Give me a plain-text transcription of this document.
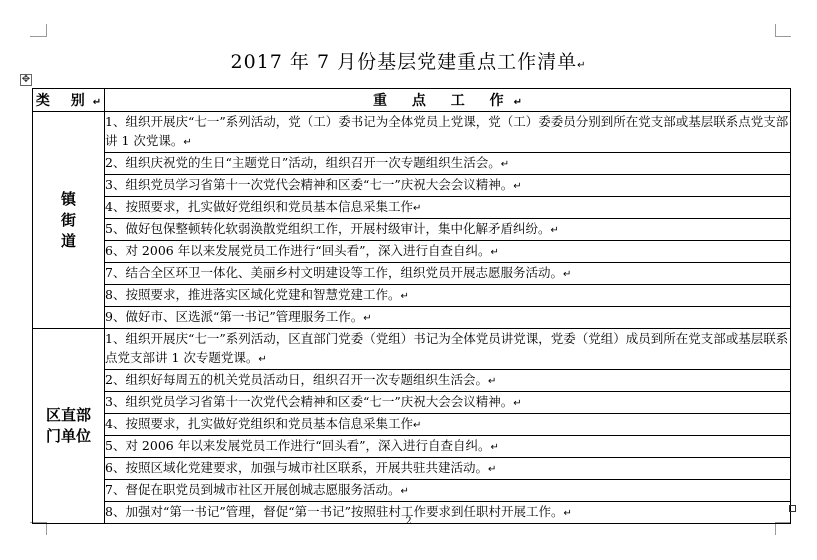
2017 年 7 月份基层党建重点工作清单↵
✥
类 别↵	重 点 工 作↵
镇街道	1、组织开展庆“七一”系列活动，党（工）委书记为全体党员上党课，党（工）委委员分别到所在党支部或基层联系点党支部讲 1 次党课。↵
	2、组织庆祝党的生日“主题党日”活动，组织召开一次专题组织生活会。↵
	3、组织党员学习省第十一次党代会精神和区委“七一”庆祝大会会议精神。↵
	4、按照要求，扎实做好党组织和党员基本信息采集工作↵
	5、做好包保整顿转化软弱涣散党组织工作，开展村级审计，集中化解矛盾纠纷。↵
	6、对 2006 年以来发展党员工作进行“回头看”，深入进行自查自纠。↵
	7、结合全区环卫一体化、美丽乡村文明建设等工作，组织党员开展志愿服务活动。↵
	8、按照要求，推进落实区域化党建和智慧党建工作。↵
	9、做好市、区选派“第一书记”管理服务工作。↵
区直部门单位	1、组织开展庆“七一”系列活动，区直部门党委（党组）书记为全体党员讲党课，党委（党组）成员到所在党支部或基层联系点党支部讲 1 次专题党课。↵
	2、组织好每周五的机关党员活动日，组织召开一次专题组织生活会。↵
	3、组织党员学习省第十一次党代会精神和区委“七一”庆祝大会会议精神。↵
	4、按照要求，扎实做好党组织和党员基本信息采集工作↵
	5、对 2006 年以来发展党员工作进行“回头看”，深入进行自查自纠。↵
	6、按照区域化党建要求，加强与城市社区联系，开展共驻共建活动。↵
	7、督促在职党员到城市社区开展创城志愿服务活动。↵
	8、加强对“第一书记”管理，督促“第一书记”按照驻村工作要求到任职村开展工作。↵
2
